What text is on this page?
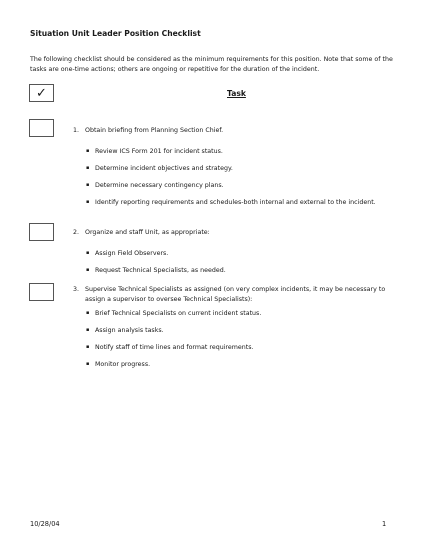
Situation Unit Leader Position Checklist
The following checklist should be considered as the minimum requirements for this position. Note that some of the tasks are one-time actions; others are ongoing or repetitive for the duration of the incident.
✓	Task
1. Obtain briefing from Planning Section Chief.
▪ Review ICS Form 201 for incident status.
▪ Determine incident objectives and strategy.
▪ Determine necessary contingency plans.
▪ Identify reporting requirements and schedules-both internal and external to the incident.
2. Organize and staff Unit, as appropriate:
▪ Assign Field Observers.
▪ Request Technical Specialists, as needed.
3. Supervise Technical Specialists as assigned (on very complex incidents, it may be necessary to assign a supervisor to oversee Technical Specialists):
▪ Brief Technical Specialists on current incident status.
▪ Assign analysis tasks.
▪ Notify staff of time lines and format requirements.
▪ Monitor progress.
10/28/04	1
